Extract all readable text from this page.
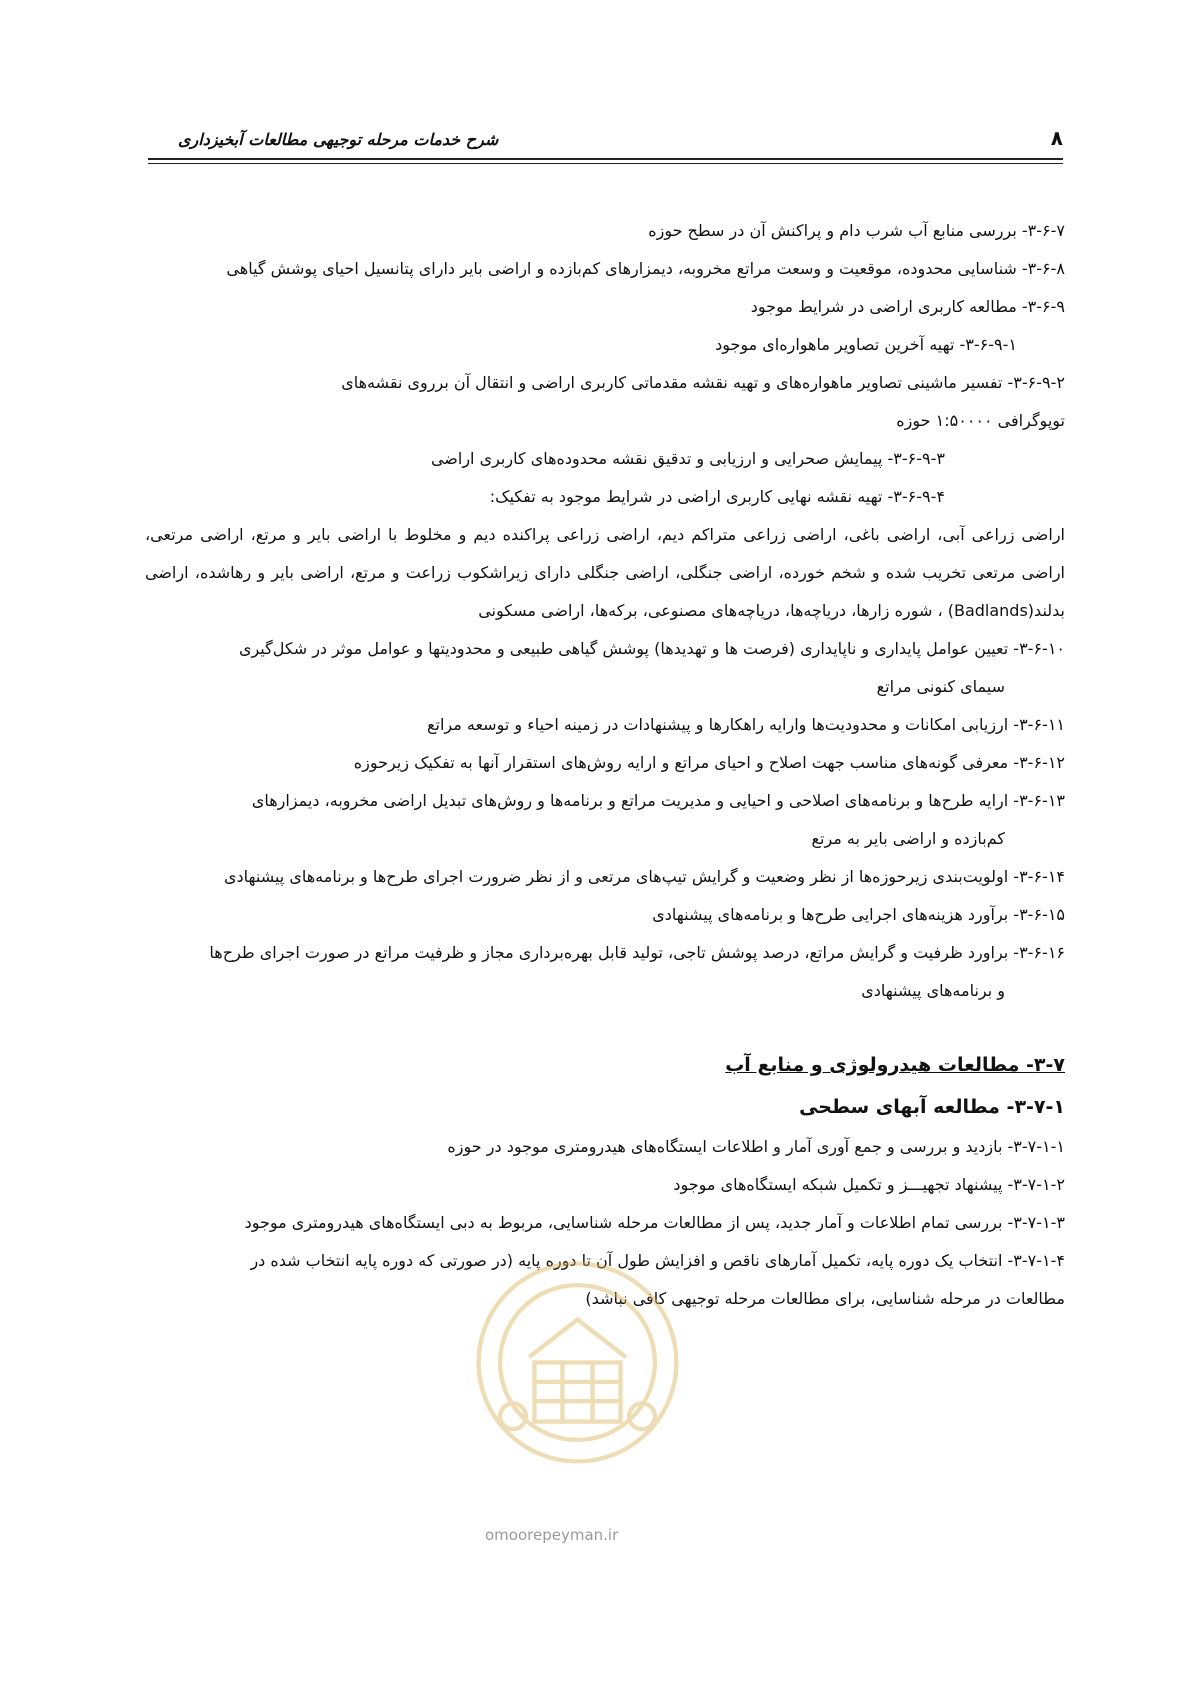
۸
شرح خدمات مرحله توجیهی مطالعات آبخیزداری

۳-۶-۷- بررسی منابع آب شرب دام و پراکنش آن در سطح حوزه

۳-۶-۸- شناسایی محدوده، موقعیت و وسعت مراتع مخروبه، دیمزارهای کم‌بازده و اراضی بایر دارای پتانسیل احیای پوشش گیاهی

۳-۶-۹- مطالعه کاربری اراضی در شرایط موجود

۳-۶-۹-۱- تهیه آخرین تصاویر ماهواره‌ای موجود

۳-۶-۹-۲- تفسیر ماشینی تصاویر ماهواره‌های و تهیه نقشه مقدماتی کاربری اراضی و انتقال آن برروی نقشه‌های

توپوگرافی ۱:۵۰۰۰۰ حوزه

۳-۶-۹-۳- پیمایش صحرایی و ارزیابی و تدقیق نقشه محدوده‌های کاربری اراضی

۳-۶-۹-۴- تهیه نقشه نهایی کاربری اراضی در شرایط موجود به تفکیک:

اراضی زراعی آبی، اراضی باغی، اراضی زراعی متراکم دیم، اراضی زراعی پراکنده دیم و مخلوط با اراضی بایر و مرتع، اراضی مرتعی، اراضی مرتعی تخریب شده و شخم خورده، اراضی جنگلی، اراضی جنگلی دارای زیراشکوب زراعت و مرتع، اراضی بایر و رهاشده، اراضی بدلند(Badlands) ، شوره زارها، دریاچه‌ها، دریاچه‌های مصنوعی، برکه‌ها، اراضی مسکونی

۳-۶-۱۰- تعیین عوامل پایداری و ناپایداری (فرصت ها و تهدیدها) پوشش گیاهی طبیعی و محدودیتها و عوامل موثر در شکل‌گیری

سیمای کنونی مراتع

۳-۶-۱۱- ارزیابی امکانات و محدودیت‌ها وارایه راهکارها و پیشنهادات در زمینه احیاء و توسعه مراتع

۳-۶-۱۲- معرفی گونه‌های مناسب جهت اصلاح و احیای مراتع و ارایه روش‌های استقرار آنها به تفکیک زیرحوزه

۳-۶-۱۳- ارایه طرح‌ها و برنامه‌های اصلاحی و احیایی و مدیریت مراتع و برنامه‌ها و روش‌های تبدیل اراضی مخروبه، دیمزارهای

کم‌بازده و اراضی بایر به مرتع

۳-۶-۱۴- اولویت‌بندی زیرحوزه‌ها از نظر وضعیت و گرایش تیپ‌های مرتعی و از نظر ضرورت اجرای طرح‌ها و برنامه‌های پیشنهادی

۳-۶-۱۵- برآورد هزینه‌های اجرایی طرح‌ها و برنامه‌های پیشنهادی

۳-۶-۱۶- براورد ظرفیت و گرایش مراتع، درصد پوشش تاجی، تولید قابل بهره‌برداری مجاز و ظرفیت مراتع در صورت اجرای طرح‌ها

و برنامه‌های پیشنهادی

۳-۷- مطالعات هیدرولوژی و منابع آب

۳-۷-۱- مطالعه آبهای سطحی

۳-۷-۱-۱- بازدید و بررسی و جمع آوری آمار و اطلاعات ایستگاه‌های هیدرومتری موجود در حوزه

۳-۷-۱-۲- پیشنهاد تجهیـــز و تکمیل شبکه ایستگاه‌های موجود

۳-۷-۱-۳- بررسی تمام اطلاعات و آمار جدید، پس از مطالعات مرحله شناسایی، مربوط به دبی ایستگاه‌های هیدرومتری موجود

۳-۷-۱-۴- انتخاب یک دوره پایه، تکمیل آمارهای ناقص و افزایش طول آن تا دوره پایه (در صورتی که دوره پایه انتخاب شده در

مطالعات در مرحله شناسایی، برای مطالعات مرحله توجیهی کافی نباشد)

omoorepeyman.ir
